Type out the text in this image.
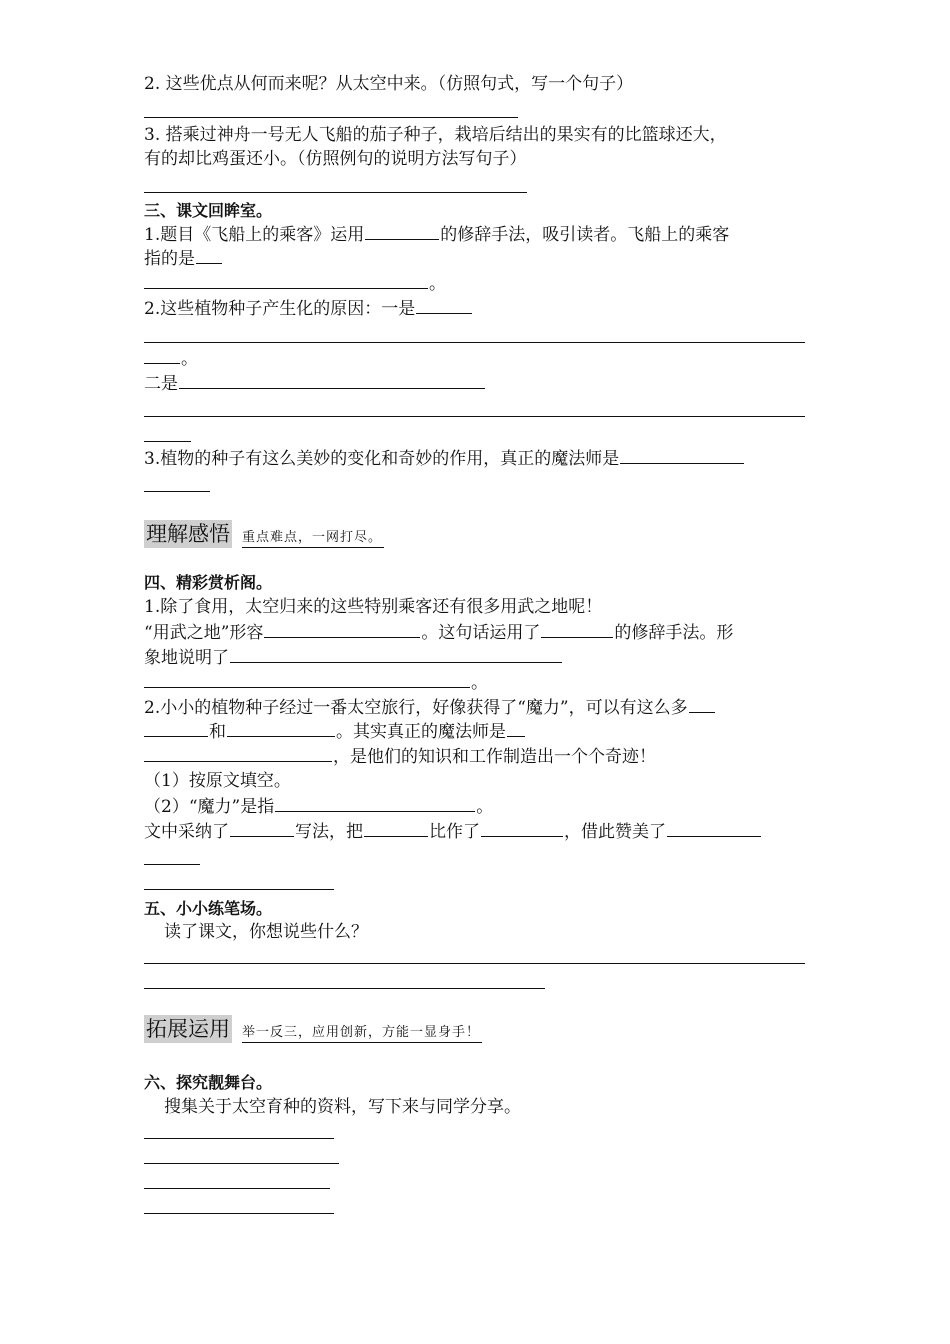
2. 这些优点从何而来呢？从太空中来。（仿照句式，写一个句子）
3. 搭乘过神舟一号无人飞船的茄子种子，栽培后结出的果实有的比篮球还大，
有的却比鸡蛋还小。（仿照例句的说明方法写句子）
三、课文回眸室。
1.题目《飞船上的乘客》运用	的修辞手法，吸引读者。飞船上的乘客
指的是
。
2.这些植物种子产生化的原因：一是
。
二是
3.植物的种子有这么美妙的变化和奇妙的作用，真正的魔法师是
理解感悟 重点难点，一网打尽。
四、精彩赏析阁。
1.除了食用，太空归来的这些特别乘客还有很多用武之地呢！
“用武之地”形容	。这句话运用了	的修辞手法。形
象地说明了
。
2.小小的植物种子经过一番太空旅行，好像获得了“魔力”，可以有这么多
和	。其实真正的魔法师是
，是他们的知识和工作制造出一个个奇迹！
（1）按原文填空。
（2）“魔力”是指	。
文中采纳了	写法，把	比作了	，借此赞美了
五、小小练笔场。
读了课文，你想说些什么？
拓展运用 举一反三，应用创新，方能一显身手！
六、探究靓舞台。
搜集关于太空育种的资料，写下来与同学分享。
